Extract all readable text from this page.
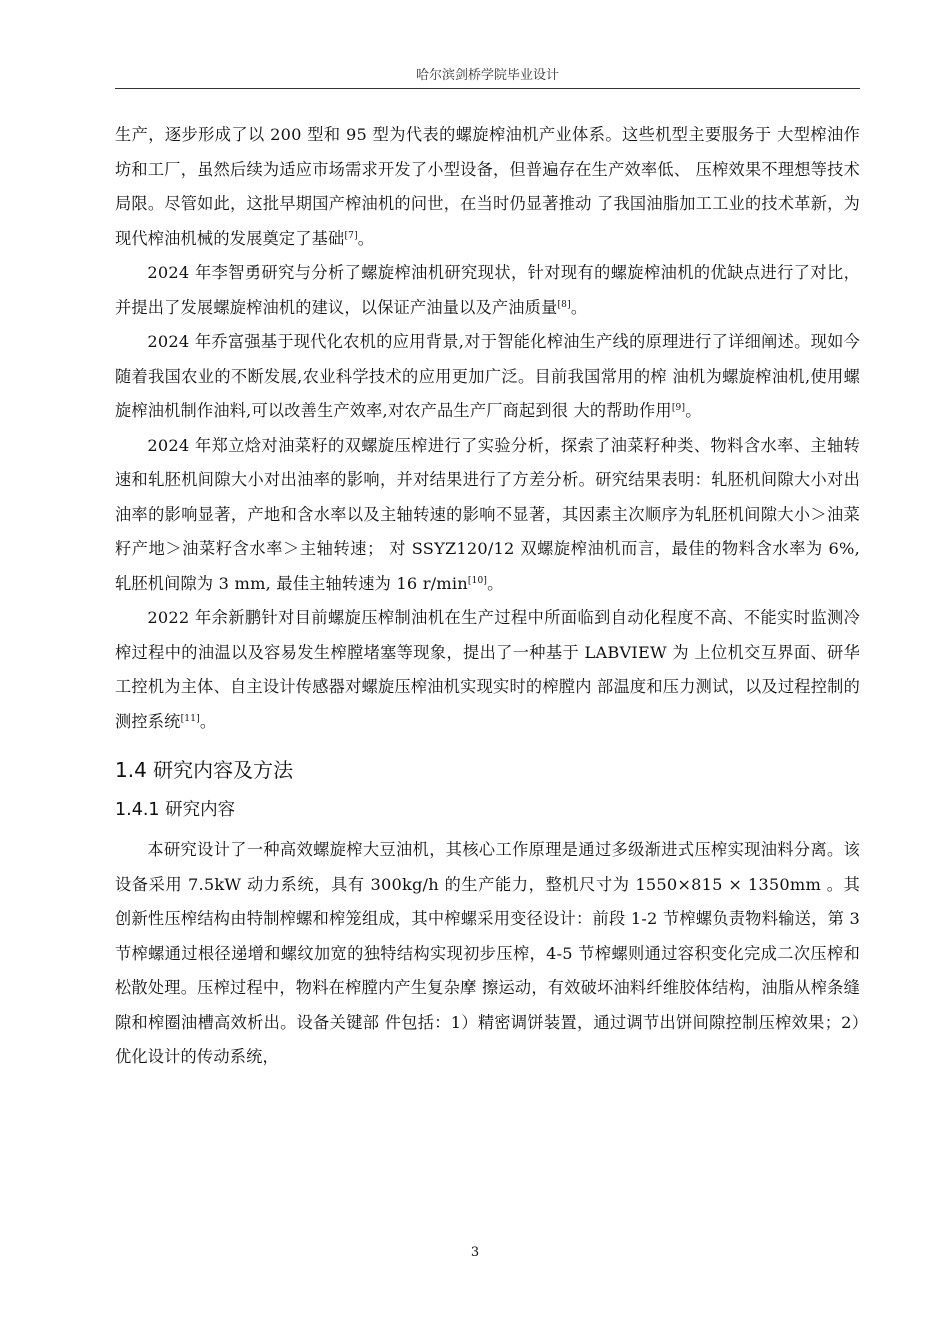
哈尔滨剑桥学院毕业设计

生产，逐步形成了以 200 型和 95 型为代表的螺旋榨油机产业体系。这些机型主要服务于 大型榨油作坊和工厂，虽然后续为适应市场需求开发了小型设备，但普遍存在生产效率低、 压榨效果不理想等技术局限。尽管如此，这批早期国产榨油机的问世，在当时仍显著推动 了我国油脂加工工业的技术革新，为现代榨油机械的发展奠定了基础[7]。

2024 年李智勇研究与分析了螺旋榨油机研究现状，针对现有的螺旋榨油机的优缺点进行了对比，并提出了发展螺旋榨油机的建议，以保证产油量以及产油质量[8]。

2024 年乔富强基于现代化农机的应用背景,对于智能化榨油生产线的原理进行了详细阐述。现如今随着我国农业的不断发展,农业科学技术的应用更加广泛。目前我国常用的榨 油机为螺旋榨油机,使用螺旋榨油机制作油料,可以改善生产效率,对农产品生产厂商起到很 大的帮助作用[9]。

2024 年郑立焓对油菜籽的双螺旋压榨进行了实验分析，探索了油菜籽种类、物料含水率、主轴转速和轧胚机间隙大小对出油率的影响，并对结果进行了方差分析。研究结果表明：轧胚机间隙大小对出油率的影响显著，产地和含水率以及主轴转速的影响不显著，其因素主次顺序为轧胚机间隙大小＞油菜籽产地＞油菜籽含水率＞主轴转速； 对 SSYZ120/12 双螺旋榨油机而言，最佳的物料含水率为 6%, 轧胚机间隙为 3 mm, 最佳主轴转速为 16 r/min[10]。

2022 年余新鹏针对目前螺旋压榨制油机在生产过程中所面临到自动化程度不高、不能实时监测冷榨过程中的油温以及容易发生榨膛堵塞等现象，提出了一种基于 LABVIEW 为 上位机交互界面、研华工控机为主体、自主设计传感器对螺旋压榨油机实现实时的榨膛内 部温度和压力测试，以及过程控制的测控系统[11]。

1.4 研究内容及方法
1.4.1 研究内容

本研究设计了一种高效螺旋榨大豆油机，其核心工作原理是通过多级渐进式压榨实现油料分离。该设备采用 7.5kW 动力系统，具有 300kg/h 的生产能力，整机尺寸为 1550×815 × 1350mm 。其创新性压榨结构由特制榨螺和榨笼组成，其中榨螺采用变径设计：前段 1-2 节榨螺负责物料输送，第 3 节榨螺通过根径递增和螺纹加宽的独特结构实现初步压榨，4-5 节榨螺则通过容积变化完成二次压榨和松散处理。压榨过程中，物料在榨膛内产生复杂摩 擦运动，有效破坏油料纤维胶体结构，油脂从榨条缝隙和榨圈油槽高效析出。设备关键部 件包括：1）精密调饼装置，通过调节出饼间隙控制压榨效果；2）优化设计的传动系统，

3
